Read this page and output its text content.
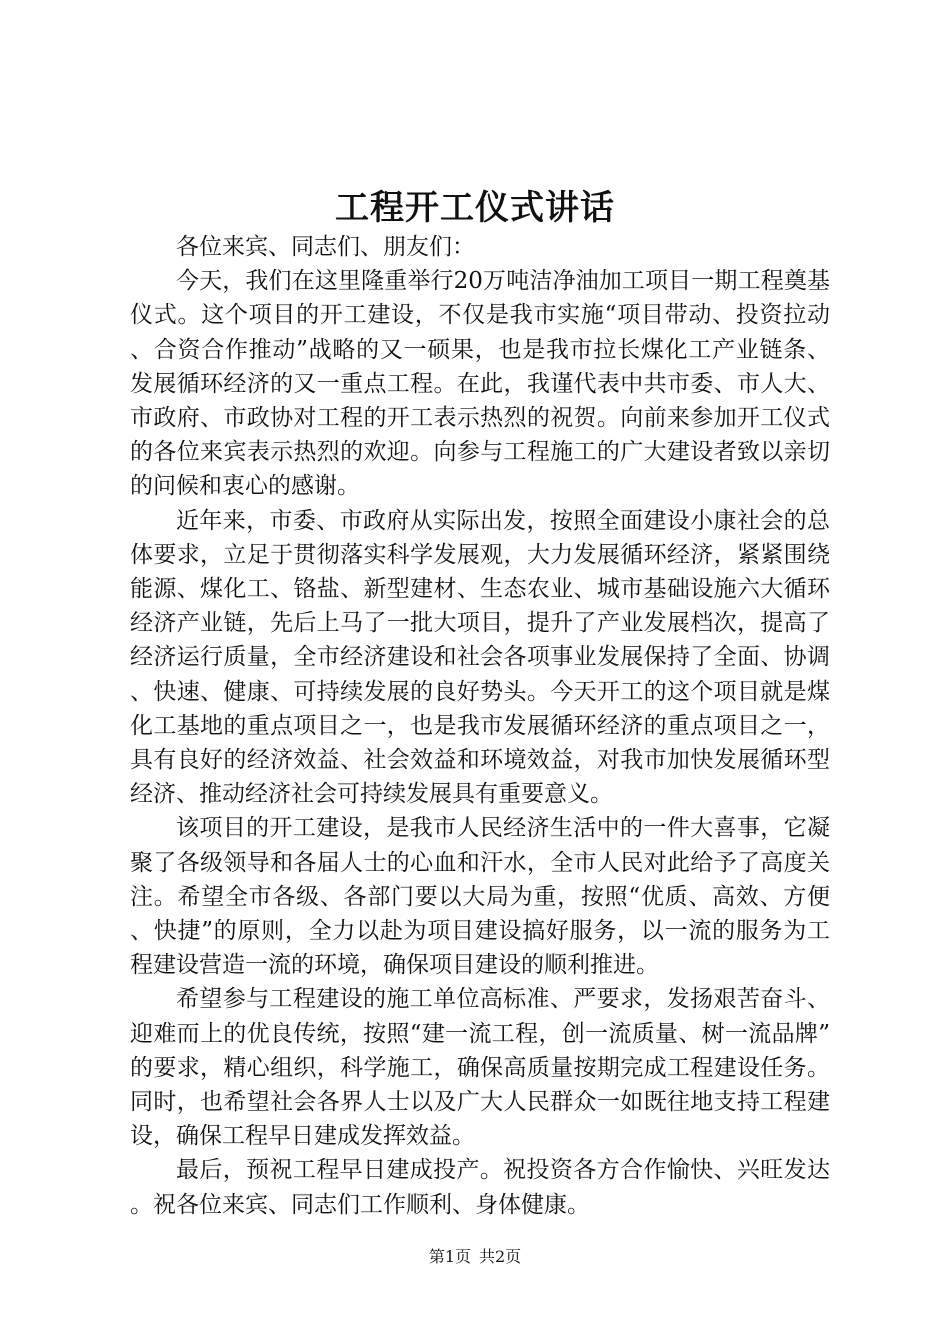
工程开工仪式讲话

各位来宾、同志们、朋友们：

今天，我们在这里隆重举行20万吨洁净油加工项目一期工程奠基仪式。这个项目的开工建设，不仅是我市实施“项目带动、投资拉动、合资合作推动”战略的又一硕果，也是我市拉长煤化工产业链条、发展循环经济的又一重点工程。在此，我谨代表中共市委、市人大、市政府、市政协对工程的开工表示热烈的祝贺。向前来参加开工仪式的各位来宾表示热烈的欢迎。向参与工程施工的广大建设者致以亲切的问候和衷心的感谢。

近年来，市委、市政府从实际出发，按照全面建设小康社会的总体要求，立足于贯彻落实科学发展观，大力发展循环经济，紧紧围绕能源、煤化工、铬盐、新型建材、生态农业、城市基础设施六大循环经济产业链，先后上马了一批大项目，提升了产业发展档次，提高了经济运行质量，全市经济建设和社会各项事业发展保持了全面、协调、快速、健康、可持续发展的良好势头。今天开工的这个项目就是煤化工基地的重点项目之一，也是我市发展循环经济的重点项目之一，具有良好的经济效益、社会效益和环境效益，对我市加快发展循环型经济、推动经济社会可持续发展具有重要意义。

该项目的开工建设，是我市人民经济生活中的一件大喜事，它凝聚了各级领导和各届人士的心血和汗水，全市人民对此给予了高度关注。希望全市各级、各部门要以大局为重，按照“优质、高效、方便、快捷”的原则，全力以赴为项目建设搞好服务，以一流的服务为工程建设营造一流的环境，确保项目建设的顺利推进。

希望参与工程建设的施工单位高标准、严要求，发扬艰苦奋斗、迎难而上的优良传统，按照“建一流工程，创一流质量、树一流品牌”的要求，精心组织，科学施工，确保高质量按期完成工程建设任务。同时，也希望社会各界人士以及广大人民群众一如既往地支持工程建设，确保工程早日建成发挥效益。

最后，预祝工程早日建成投产。祝投资各方合作愉快、兴旺发达。祝各位来宾、同志们工作顺利、身体健康。

第1页 共2页
